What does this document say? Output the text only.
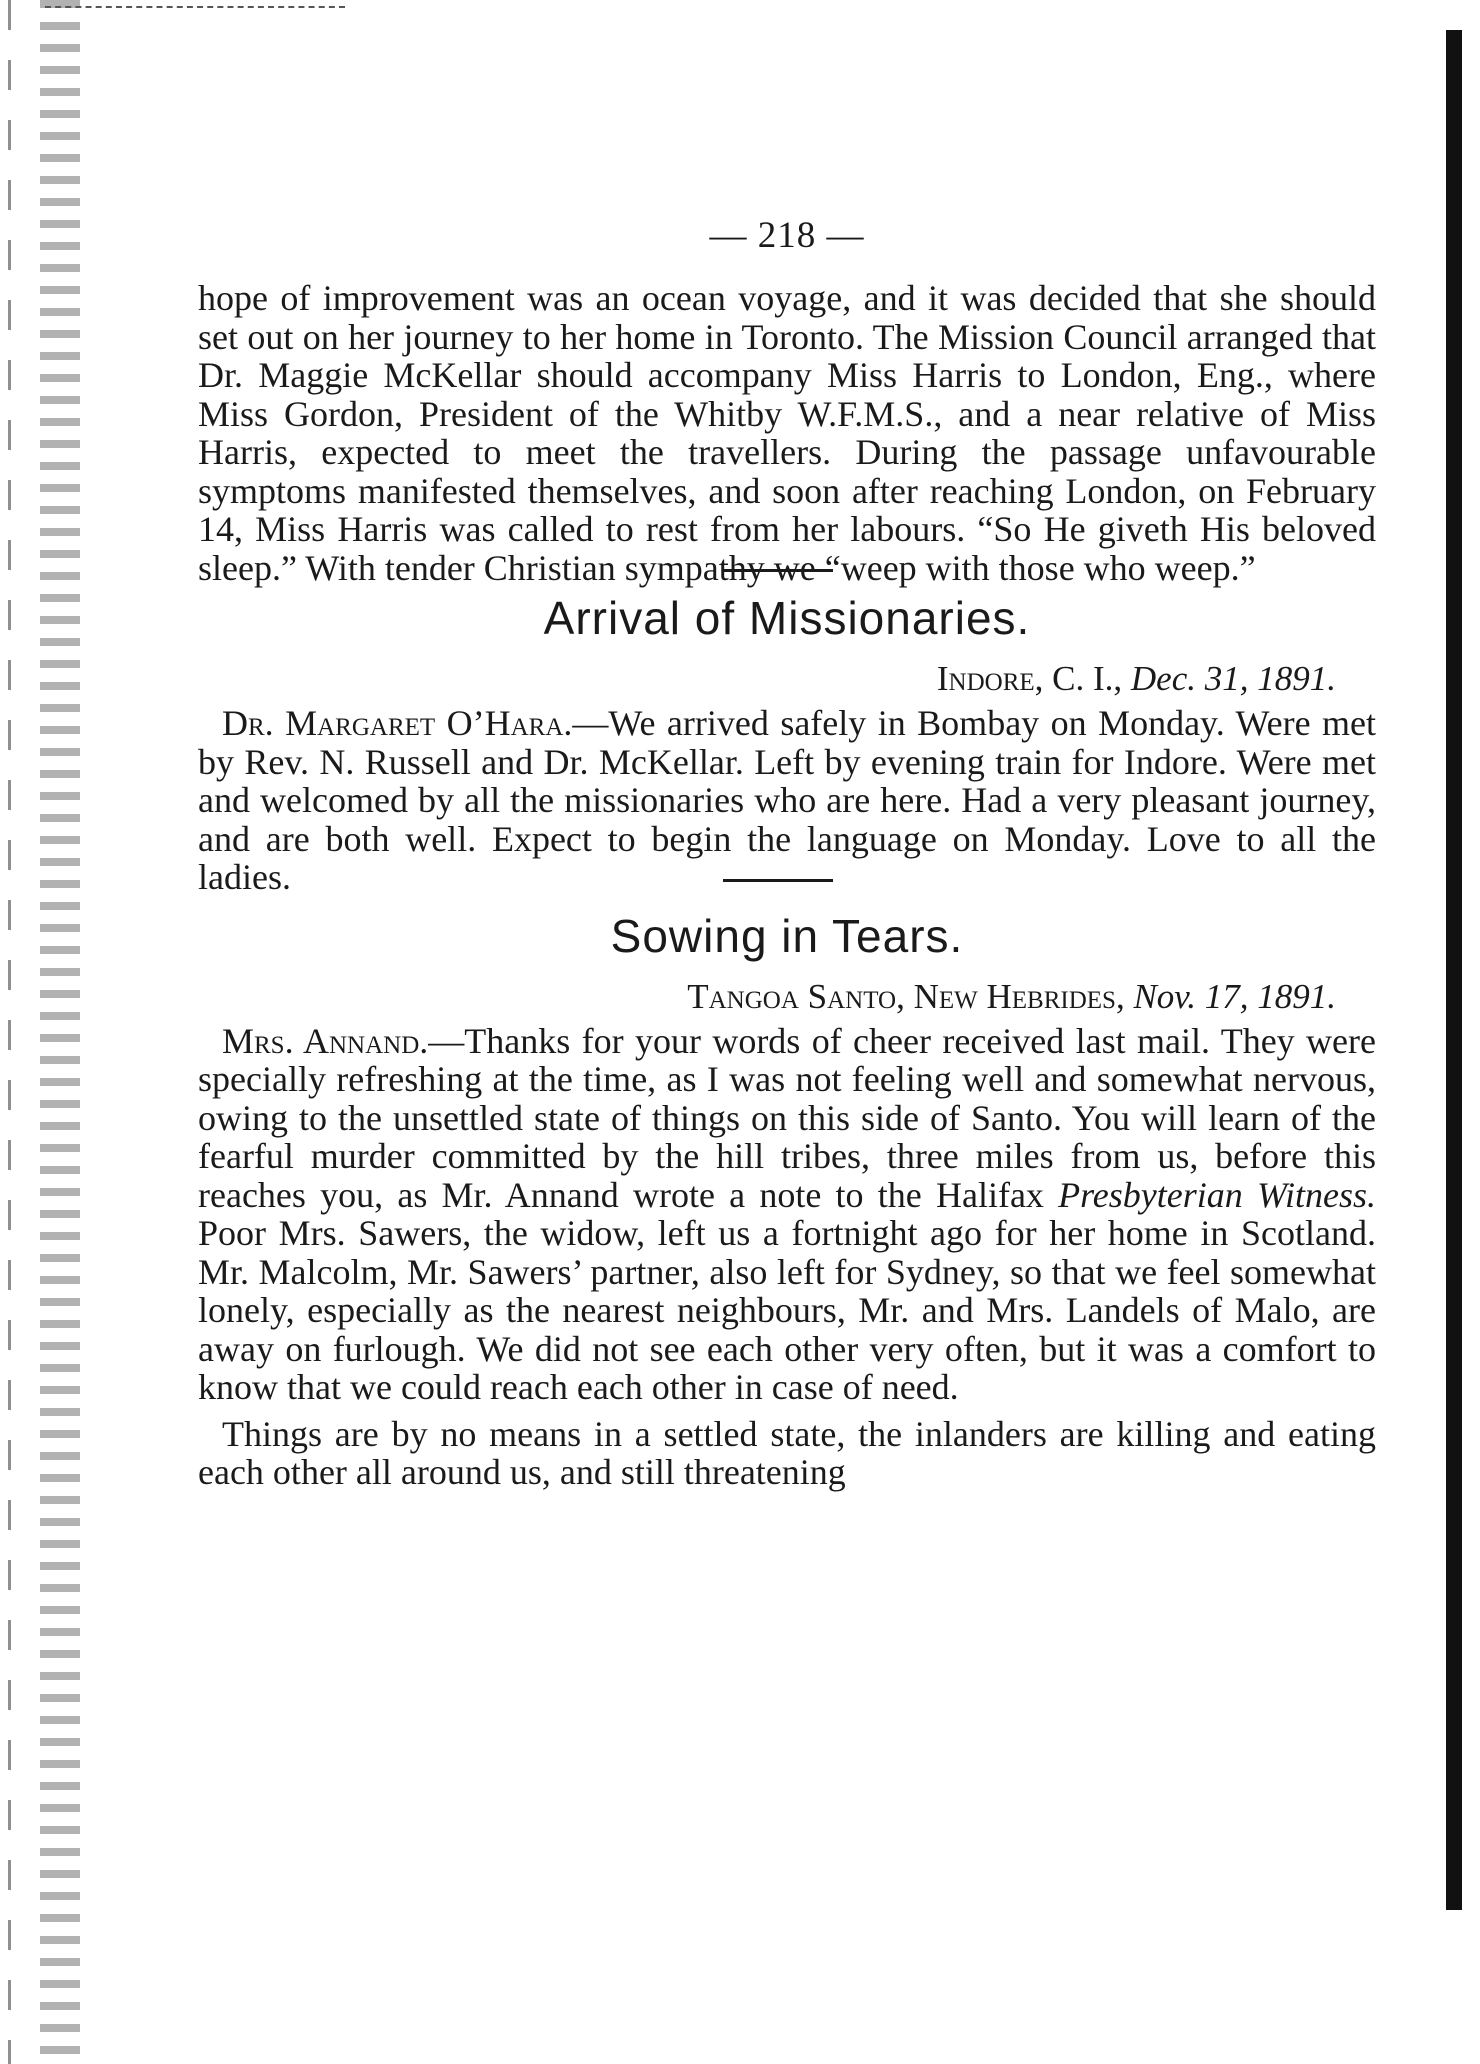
— 218 —

hope of improvement was an ocean voyage, and it was decided that she should set out on her journey to her home in Toronto. The Mission Council arranged that Dr. Maggie McKellar should accompany Miss Harris to London, Eng., where Miss Gordon, President of the Whitby W.F.M.S., and a near relative of Miss Harris, expected to meet the travellers. During the passage unfavourable symptoms manifested themselves, and soon after reaching London, on February 14, Miss Harris was called to rest from her labours. “So He giveth His beloved sleep.” With tender Christian sympathy we “weep with those who weep.”

Arrival of Missionaries.
Indore, C. I., Dec. 31, 1891.

Dr. Margaret O’Hara.—We arrived safely in Bombay on Monday. Were met by Rev. N. Russell and Dr. McKellar. Left by evening train for Indore. Were met and welcomed by all the missionaries who are here. Had a very pleasant journey, and are both well. Expect to begin the language on Monday. Love to all the ladies.

Sowing in Tears.
Tangoa Santo, New Hebrides, Nov. 17, 1891.

Mrs. Annand.—Thanks for your words of cheer received last mail. They were specially refreshing at the time, as I was not feeling well and somewhat nervous, owing to the unsettled state of things on this side of Santo. You will learn of the fearful murder committed by the hill tribes, three miles from us, before this reaches you, as Mr. Annand wrote a note to the Halifax Presbyterian Witness. Poor Mrs. Sawers, the widow, left us a fortnight ago for her home in Scotland. Mr. Malcolm, Mr. Sawers’ partner, also left for Sydney, so that we feel somewhat lonely, especially as the nearest neighbours, Mr. and Mrs. Landels of Malo, are away on furlough. We did not see each other very often, but it was a comfort to know that we could reach each other in case of need.

Things are by no means in a settled state, the inlanders are killing and eating each other all around us, and still threatening
